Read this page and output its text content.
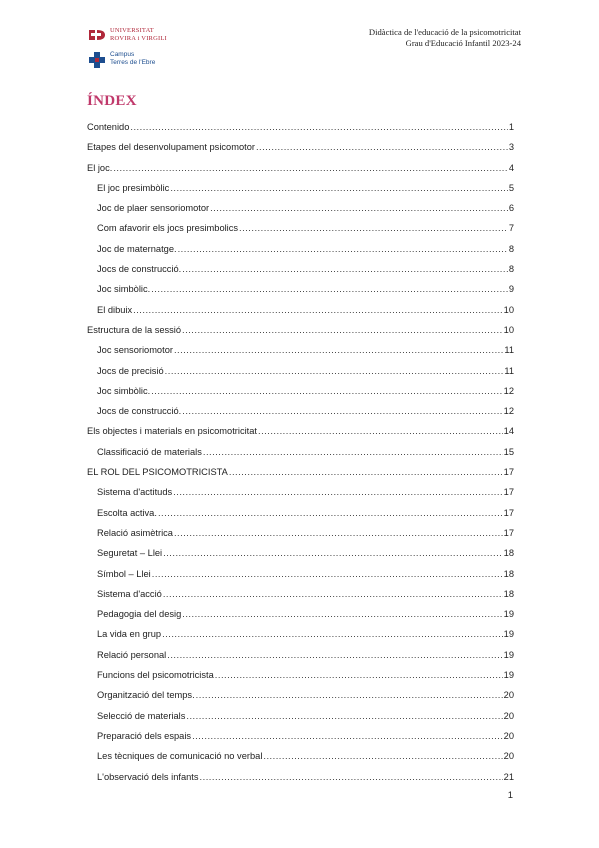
UNIVERSITAT
ROVIRA i VIRGILI
Campus
Terres de l'Ebre
Didàctica de l'educació de la psicomotricitat
Grau d'Educació Infantil 2023-24
ÍNDEX
Contenido .....	1
Etapes del desenvolupament psicomotor .....	3
El joc. .....	4
El joc presimbòlic .....	5
Joc de plaer sensoriomotor .....	6
Com afavorir els jocs presimbolics .....	7
Joc de maternatge. .....	8
Jocs de construcció. .....	8
Joc simbòlic. .....	9
El dibuix .....	10
Estructura de la sessió .....	10
Joc sensoriomotor .....	11
Jocs de precisió .....	11
Joc simbòlic. .....	12
Jocs de construcció. .....	12
Els objectes i materials en psicomotricitat .....	14
Classificació de materials .....	15
EL ROL DEL PSICOMOTRICISTA .....	17
Sistema d'actituds .....	17
Escolta activa. .....	17
Relació asimètrica .....	17
Seguretat – Llei .....	18
Símbol – Llei .....	18
Sistema d'acció .....	18
Pedagogia del desig .....	19
La vida en grup .....	19
Relació personal .....	19
Funcions del psicomotricista .....	19
Organització del temps. .....	20
Selecció de materials .....	20
Preparació dels espais .....	20
Les tècniques de comunicació no verbal .....	20
L'observació dels infants .....	21
1
